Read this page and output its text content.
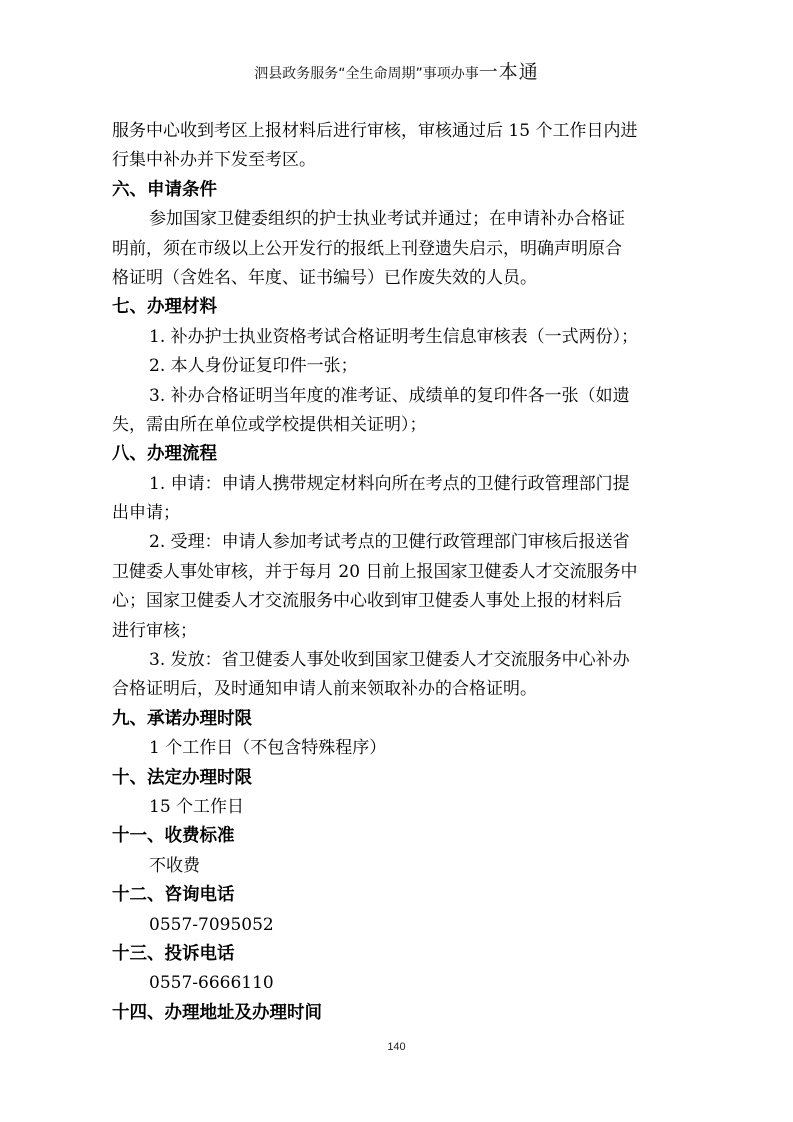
泗县政务服务“全生命周期”事项办事一本通
服务中心收到考区上报材料后进行审核，审核通过后 15 个工作日内进
行集中补办并下发至考区。
六、申请条件
参加国家卫健委组织的护士执业考试并通过；在申请补办合格证
明前，须在市级以上公开发行的报纸上刊登遗失启示，明确声明原合
格证明（含姓名、年度、证书编号）已作废失效的人员。
七、办理材料
1. 补办护士执业资格考试合格证明考生信息审核表（一式两份）；
2. 本人身份证复印件一张；
3. 补办合格证明当年度的准考证、成绩单的复印件各一张（如遗
失，需由所在单位或学校提供相关证明）；
八、办理流程
1. 申请：申请人携带规定材料向所在考点的卫健行政管理部门提
出申请；
2. 受理：申请人参加考试考点的卫健行政管理部门审核后报送省
卫健委人事处审核，并于每月 20 日前上报国家卫健委人才交流服务中
心；国家卫健委人才交流服务中心收到审卫健委人事处上报的材料后
进行审核；
3. 发放：省卫健委人事处收到国家卫健委人才交流服务中心补办
合格证明后，及时通知申请人前来领取补办的合格证明。
九、承诺办理时限
1 个工作日（不包含特殊程序）
十、法定办理时限
15 个工作日
十一、收费标准
不收费
十二、咨询电话
0557-7095052
十三、投诉电话
0557-6666110
十四、办理地址及办理时间
140
